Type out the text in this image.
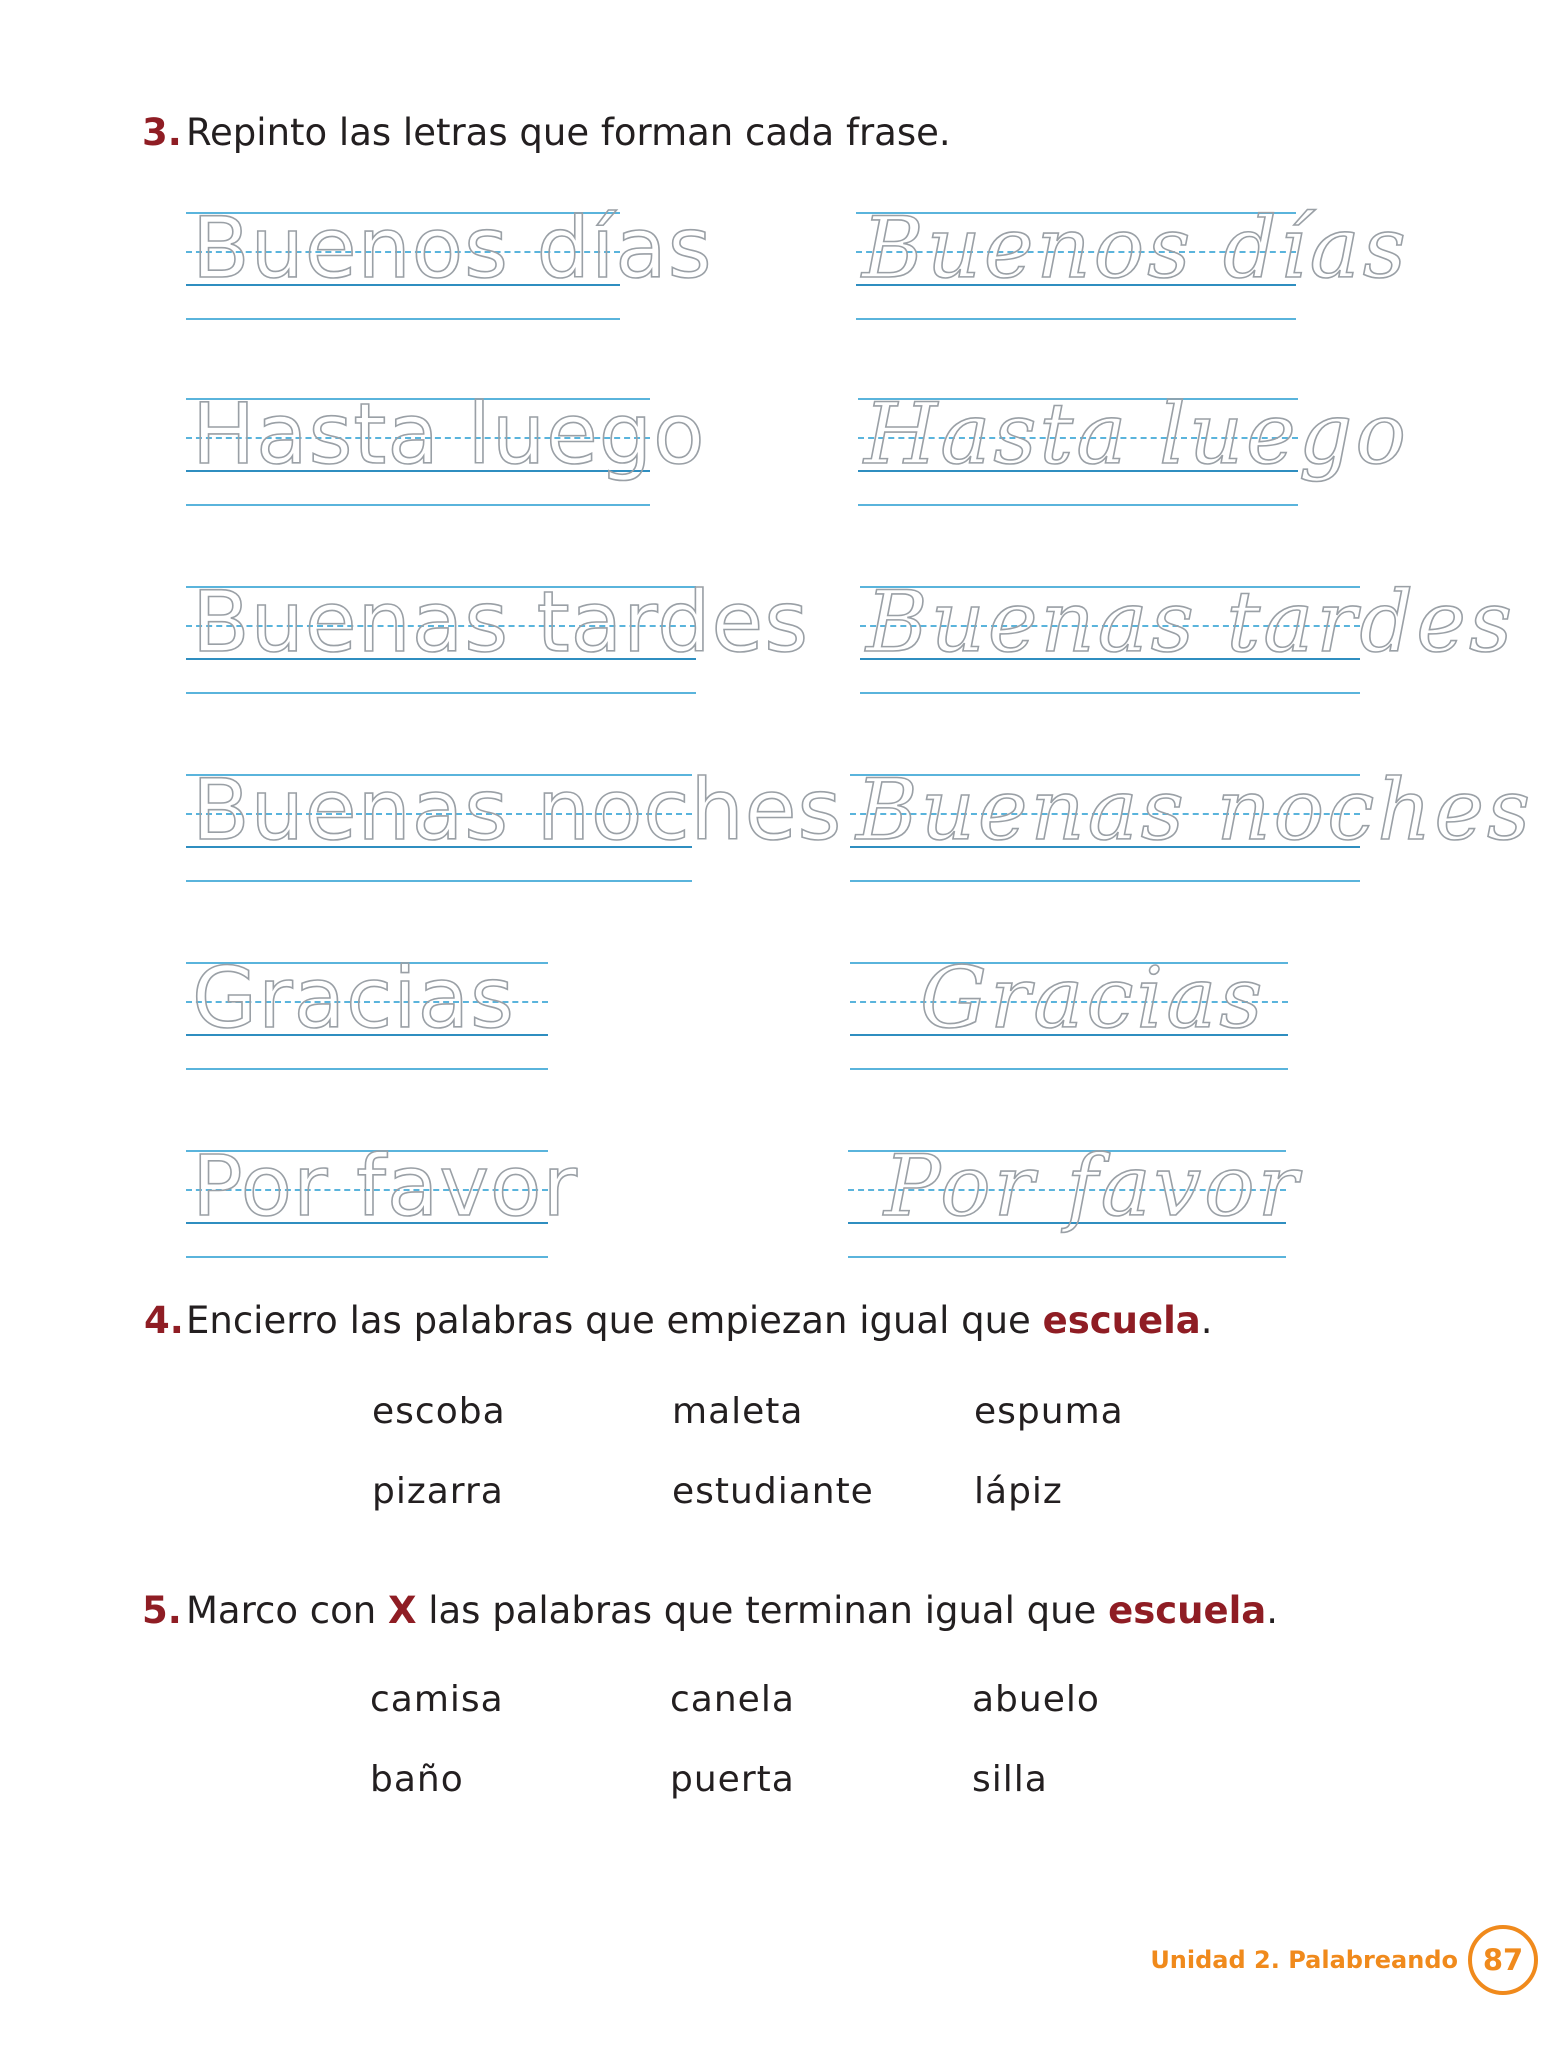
3. Repinto las letras que forman cada frase.
Buenos días Buenos días
Hasta luego Hasta luego
Buenas tardes Buenas tardes
Buenas noches Buenas noches
Gracias	Gracias
Por favor	Por favor
4. Encierro las palabras que empiezan igual que escuela.
escoba	maleta	espuma
pizarra	estudiante	lápiz
5. Marco con X las palabras que terminan igual que escuela.
camisa	canela	abuelo
baño	puerta	silla
Unidad 2. Palabreando 87
